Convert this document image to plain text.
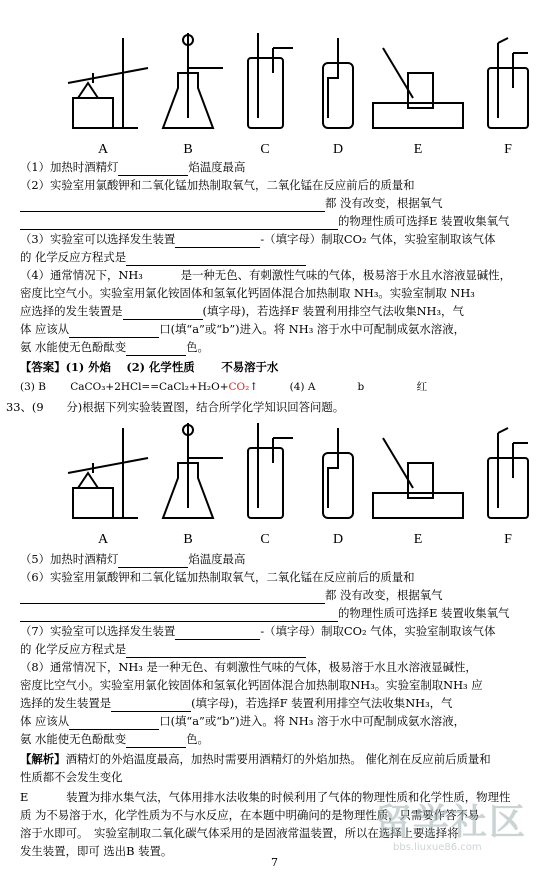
A	B	C	D	E	F
（1）加热时酒精灯	焰温度最高
（2）实验室用氯酸钾和二氧化锰加热制取氧气，二氧化锰在反应前后的质量和
都 没有改变，根据氧气
的物理性质可选择E 装置收集氧气
（3）实验室可以选择发生装置	-（填字母）制取CO₂ 气体，实验室制取该气体
的 化学反应方程式是
（4）通常情况下，NH₃ 　　　是一种无色、有刺激性气味的气体，极易溶于水且水溶液显碱性，
密度比空气小。实验室用氯化铵固体和氢氧化钙固体混合加热制取 NH₃。实验室制取 NH₃
应选择的发生装置是	(填字母)，若选择F 装置利用排空气法收集NH₃，气
体 应该从	口(填“a”或“b”)进入。将 NH₃ 溶于水中可配制成氨水溶液，
氨 水能使无色酚酞变	色。
【答案】(1) 外焰 　(2) 化学性质　　 不易溶于水
(3) B　　 CaCO₃+2HCl==CaCl₂+H₂O+CO₂↑　　　(4) A　　　　b　　　　　红
33、(9　　分)根据下列实验装置图，结合所学化学知识回答问题。
A	B	C	D	E	F
（5）加热时酒精灯	焰温度最高
（6）实验室用氯酸钾和二氧化锰加热制取氧气，二氧化锰在反应前后的质量和
都 没有改变，根据氧气
的物理性质可选择E 装置收集氧气
（7）实验室可以选择发生装置	-（填字母）制取CO₂ 气体，实验室制取该气体
的 化学反应方程式是
（8）通常情况下，NH₃ 是一种无色、有刺激性气味的气体，极易溶于水且水溶液显碱性，
密度比空气小。实验室用氯化铵固体和氢氧化钙固体混合加热制取NH₃。实验室制取NH₃ 应
选择的发生装置是	(填字母)，若选择F 装置利用排空气法收集NH₃，气
体 应该从	口(填“a”或“b”)进入。将 NH₃ 溶于水中可配制成氨水溶液，
氨 水能使无色酚酞变	色。
【解析】酒精灯的外焰温度最高，加热时需要用酒精灯的外焰加热。 催化剂在反应前后质量和
性质都不会发生变化
E　　　 装置为排水集气法，气体用排水法收集的时候利用了气体的物理性质和化学性质，物理性
质 为不易溶于水，化学性质为不与水反应，在本题中明确问的是物理性质，只需要作答不易
溶于水即可。　实验室制取二氧化碳气体采用的是固液常温装置，所以在选择上要选择将
发生装置，即可 选出B 装置。
7
留学社区
bbs.liuxue86.com
